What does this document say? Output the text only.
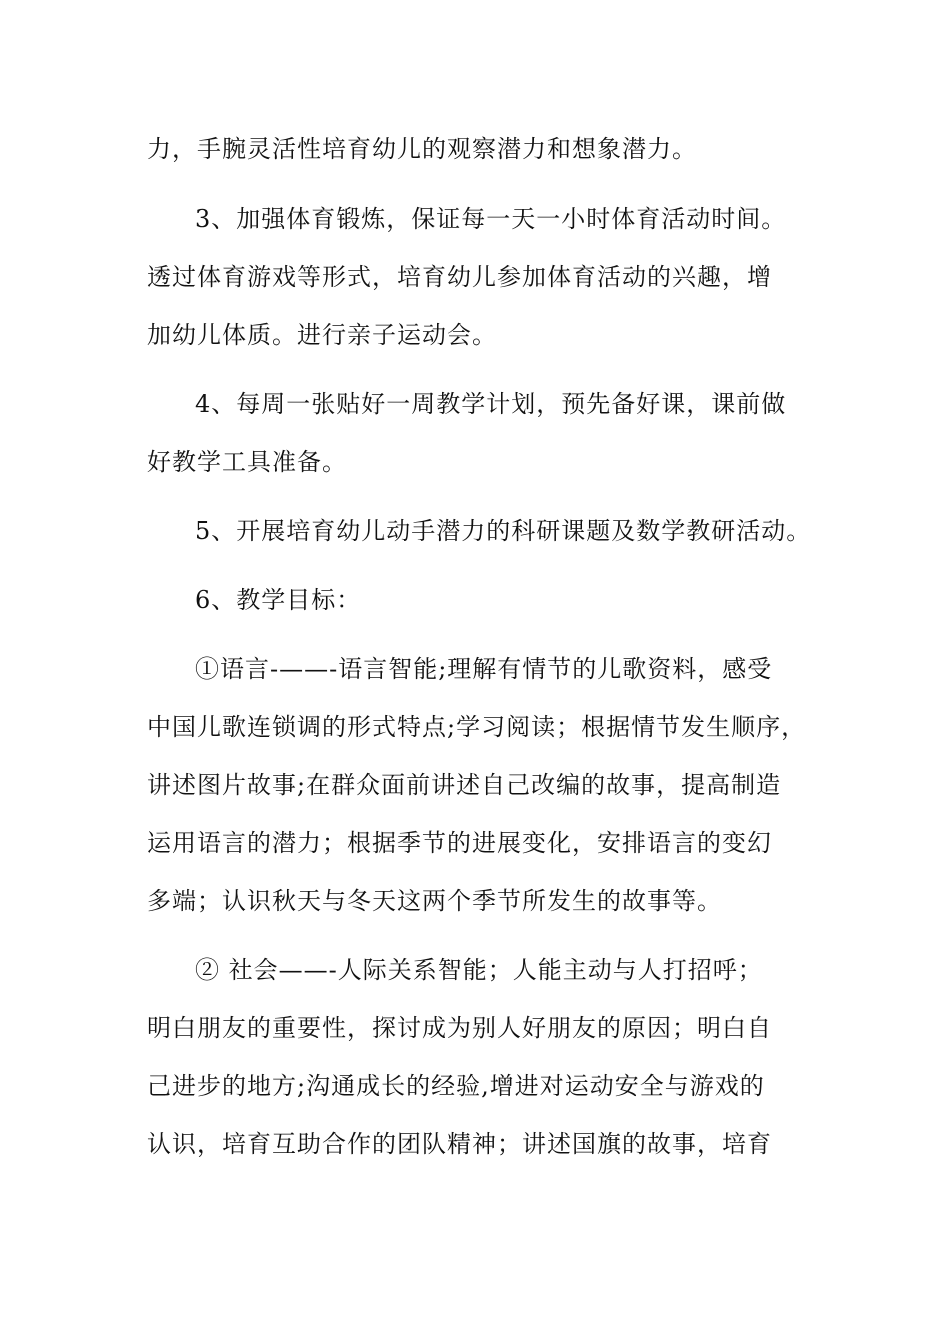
力，手腕灵活性培育幼儿的观察潜力和想象潜力。
3、加强体育锻炼，保证每一天一小时体育活动时间。
透过体育游戏等形式，培育幼儿参加体育活动的兴趣，增
加幼儿体质。进行亲子运动会。
4、每周一张贴好一周教学计划，预先备好课，课前做
好教学工具准备。
5、开展培育幼儿动手潜力的科研课题及数学教研活动。
6、教学目标：
①语言-——-语言智能;理解有情节的儿歌资料，感受
中国儿歌连锁调的形式特点;学习阅读；根据情节发生顺序，
讲述图片故事;在群众面前讲述自己改编的故事，提高制造
运用语言的潜力；根据季节的进展变化，安排语言的变幻
多端；认识秋天与冬天这两个季节所发生的故事等。
② 社会——-人际关系智能；人能主动与人打招呼；
明白朋友的重要性，探讨成为别人好朋友的原因；明白自
己进步的地方;沟通成长的经验,增进对运动安全与游戏的
认识，培育互助合作的团队精神；讲述国旗的故事，培育
